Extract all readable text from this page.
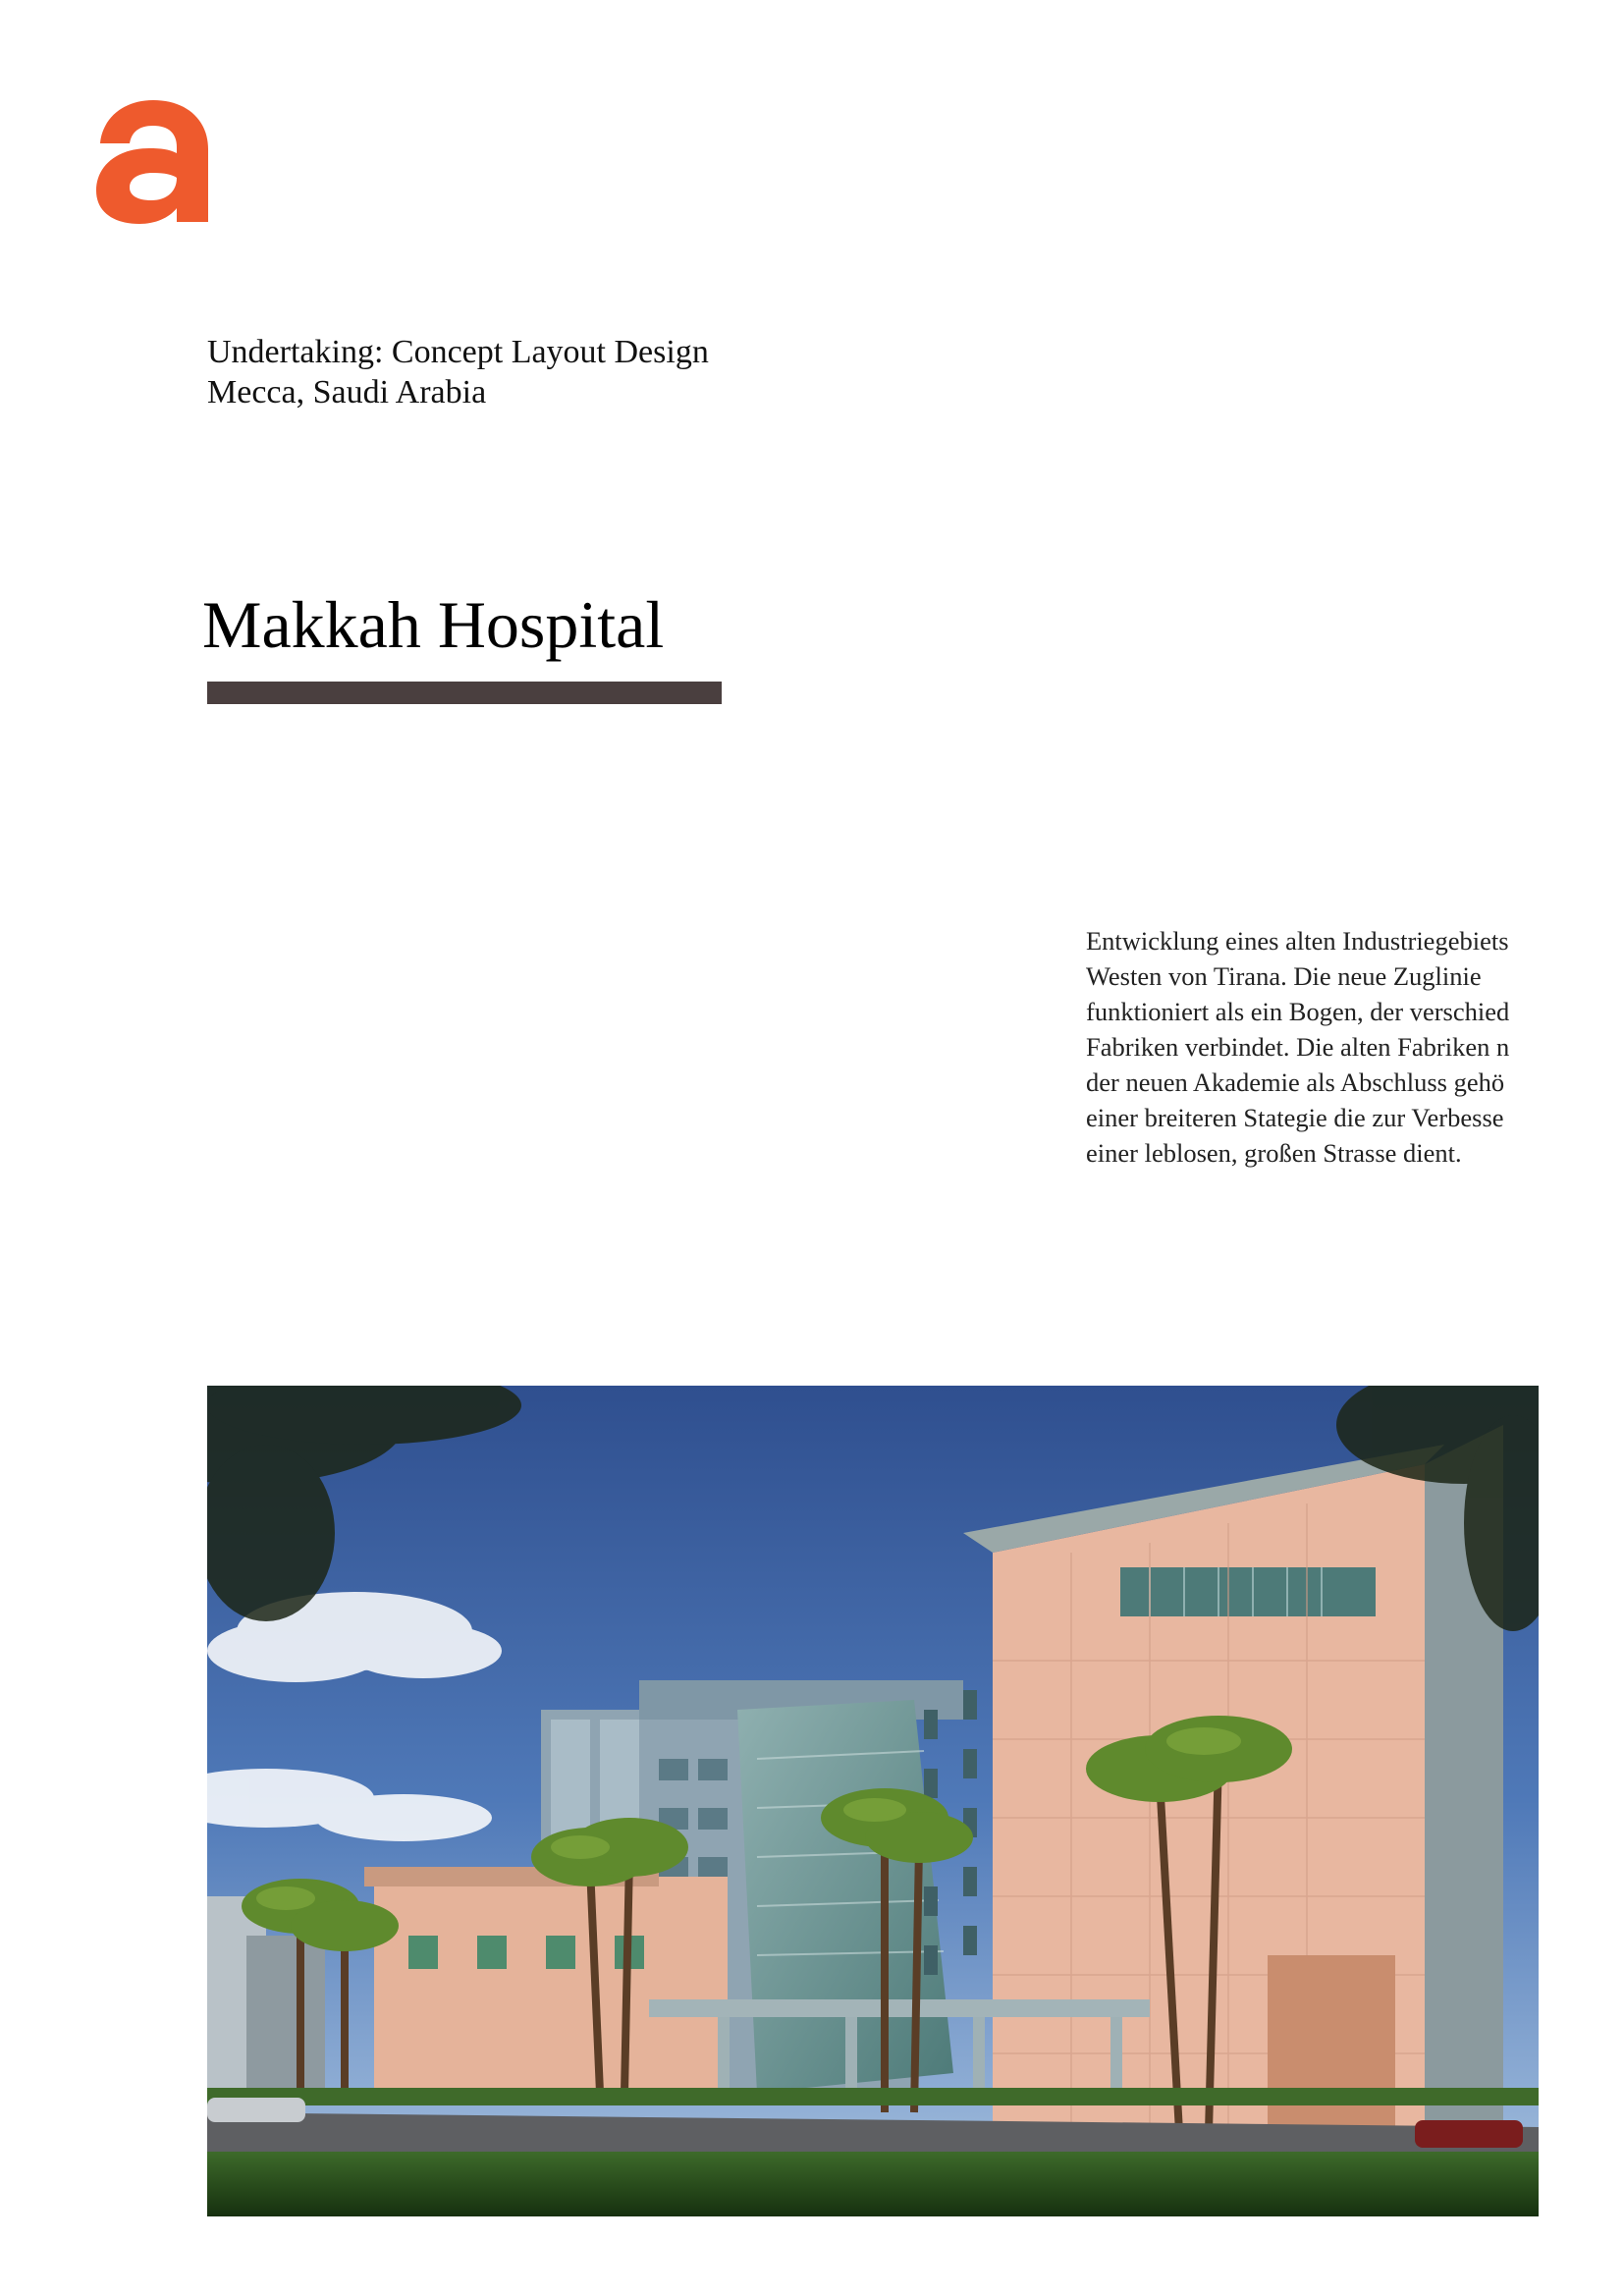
Undertaking: Concept Layout Design
Mecca, Saudi Arabia
Makkah Hospital
Entwicklung eines alten Industriegebiets
Westen von Tirana. Die neue Zuglinie
funktioniert als ein Bogen, der verschied
Fabriken verbindet. Die alten Fabriken n
der neuen Akademie als Abschluss gehö
einer breiteren Stategie die zur Verbesse
einer leblosen, großen Strasse dient.
